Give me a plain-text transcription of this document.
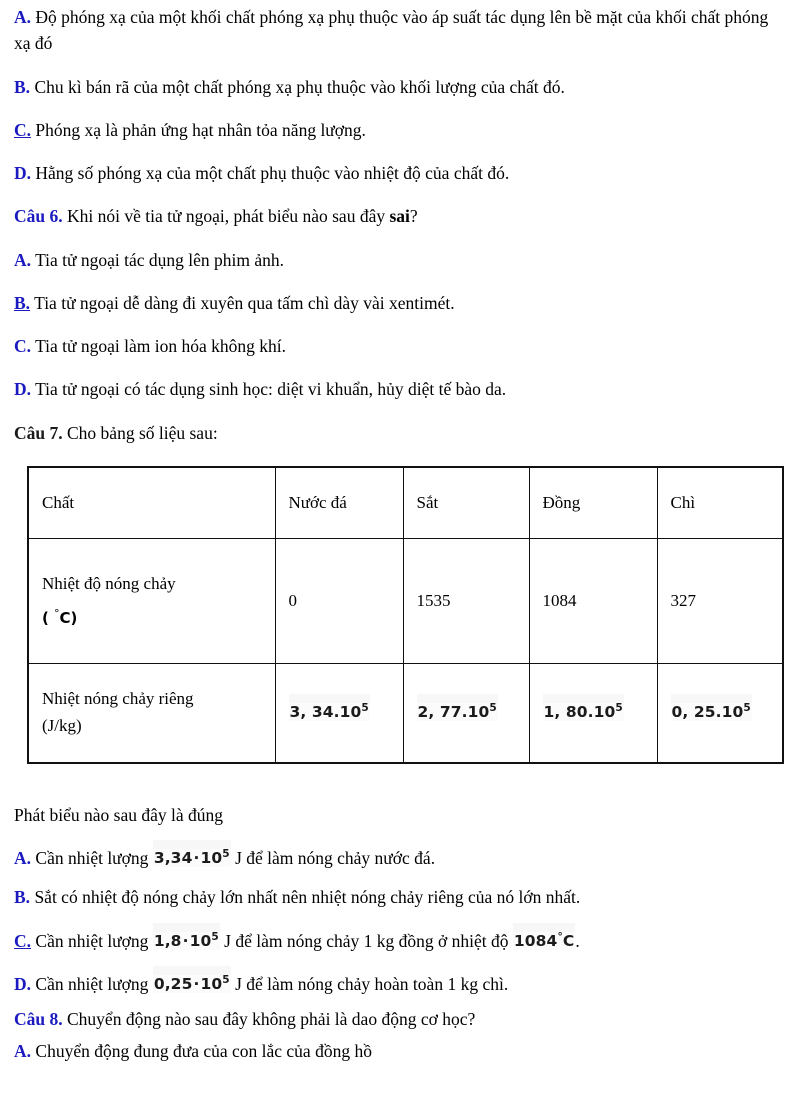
A. Độ phóng xạ của một khối chất phóng xạ phụ thuộc vào áp suất tác dụng lên bề mặt của khối chất phóng xạ đó
B. Chu kì bán rã của một chất phóng xạ phụ thuộc vào khối lượng của chất đó.
C. Phóng xạ là phản ứng hạt nhân tỏa năng lượng.
D. Hằng số phóng xạ của một chất phụ thuộc vào nhiệt độ của chất đó.
Câu 6. Khi nói về tia tử ngoại, phát biểu nào sau đây sai?
A. Tia tử ngoại tác dụng lên phim ảnh.
B. Tia tử ngoại dễ dàng đi xuyên qua tấm chì dày vài xentimét.
C. Tia tử ngoại làm ion hóa không khí.
D. Tia tử ngoại có tác dụng sinh học: diệt vi khuẩn, hủy diệt tế bào da.
Câu 7. Cho bảng số liệu sau:
Chất	Nước đá	Sắt	Đồng	Chì

Nhiệt độ nóng chảy
( °C)	0	1535	1084	327

Nhiệt nóng chảy riêng
(J/kg)	3, 34.10$^5$	2, 77.10$^5$	1, 80.10$^5$	0, 25.10$^5$
Phát biểu nào sau đây là đúng
A. Cần nhiệt lượng $3,34\cdot 10^5$ J để làm nóng chảy nước đá.
B. Sắt có nhiệt độ nóng chảy lớn nhất nên nhiệt nóng chảy riêng của nó lớn nhất.
C. Cần nhiệt lượng $1,8\cdot 10^5$ J để làm nóng chảy 1 kg đồng ở nhiệt độ 1084°C.
D. Cần nhiệt lượng $0,25\cdot 10^5$ J để làm nóng chảy hoàn toàn 1 kg chì.
Câu 8. Chuyển động nào sau đây không phải là dao động cơ học?
A. Chuyển động đung đưa của con lắc của đồng hồ
